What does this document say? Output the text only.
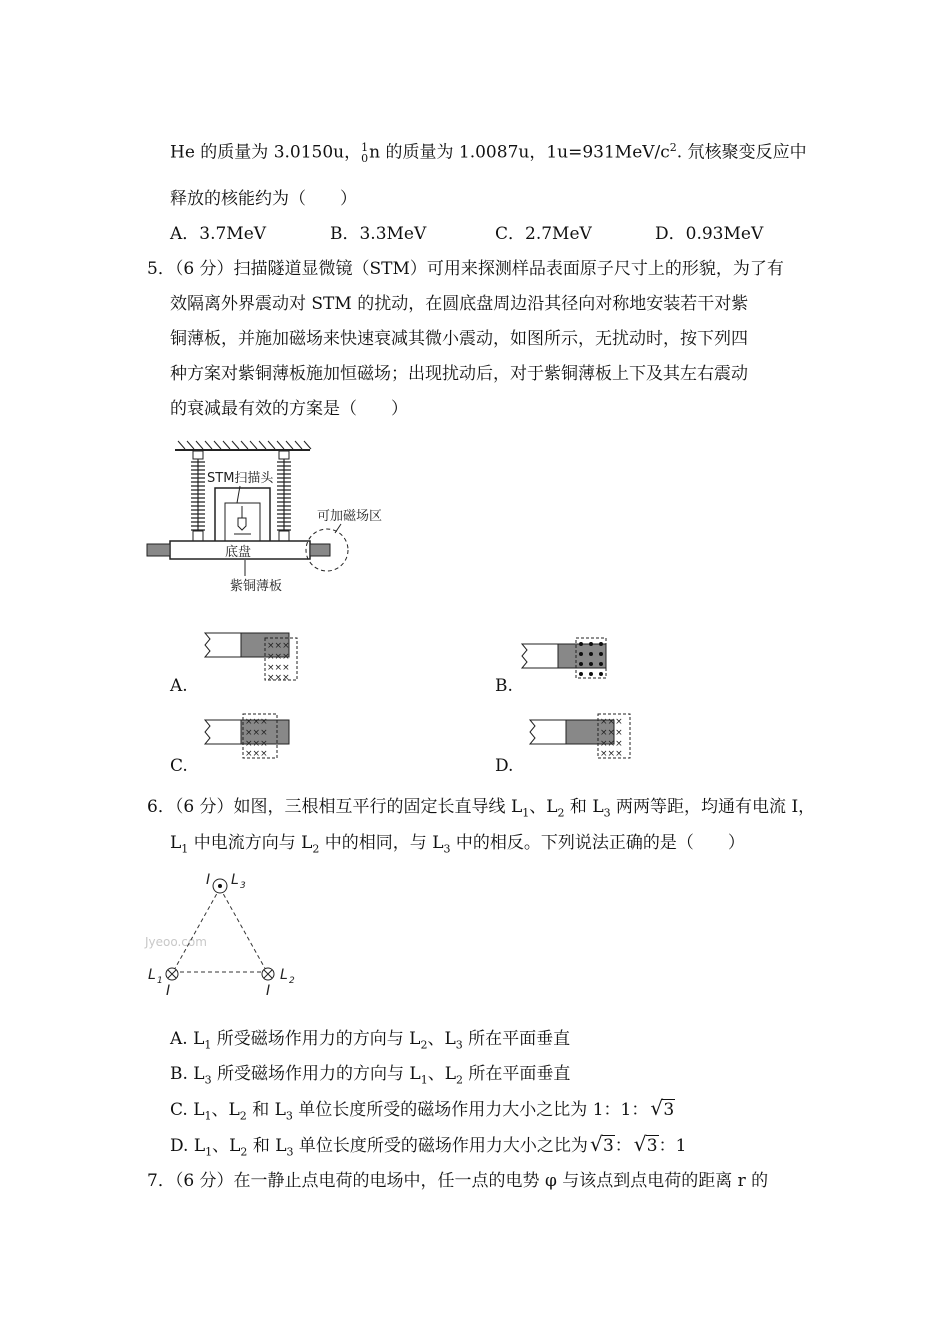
He 的质量为 3.0150u， 1
0 n 的质量为 1.0087u，$1u=931MeV/c^2$. 氘核聚变反应中
释放的核能约为（　　）
A．3.7MeV	B．3.3MeV	C．2.7MeV	D．0.93MeV
5．（6 分）扫描隧道显微镜（STM）可用来探测样品表面原子尺寸上的形貌，为了有
效隔离外界震动对 STM 的扰动，在圆底盘周边沿其径向对称地安装若干对紫
铜薄板，并施加磁场来快速衰减其微小震动，如图所示，无扰动时，按下列四
种方案对紫铜薄板施加恒磁场；出现扰动后，对于紫铜薄板上下及其左右震动
的衰减最有效的方案是（　　）
STM扫描头
底盘
可加磁场区
紫铜薄板
A.
×××
×××
×××
×××	B.
C.
×××
×××
×××
×××
D.
×××
×××
×××
×××
6．（6 分）如图，三根相互平行的固定长直导线 $L_1$、$L_2$ 和 $L_3$ 两两等距，均通有电流 I，
$L_1$ 中电流方向与 $L_2$ 中的相同，与 $L_3$ 中的相反。下列说法正确的是（　　）
Jyeoo.com
I L 3
L 1
I
L 2
I
A. $L_1$ 所受磁场作用力的方向与 $L_2$、$L_3$ 所在平面垂直
B. $L_3$ 所受磁场作用力的方向与 $L_1$、$L_2$ 所在平面垂直
C. $L_1$、$L_2$ 和 $L_3$ 单位长度所受的磁场作用力大小之比为 1：1： √ 3
D. $L_1$、$L_2$ 和 $L_3$ 单位长度所受的磁场作用力大小之比为 √ 3： √ 3：1
7．（6 分）在一静止点电荷的电场中，任一点的电势 φ 与该点到点电荷的距离 r 的
